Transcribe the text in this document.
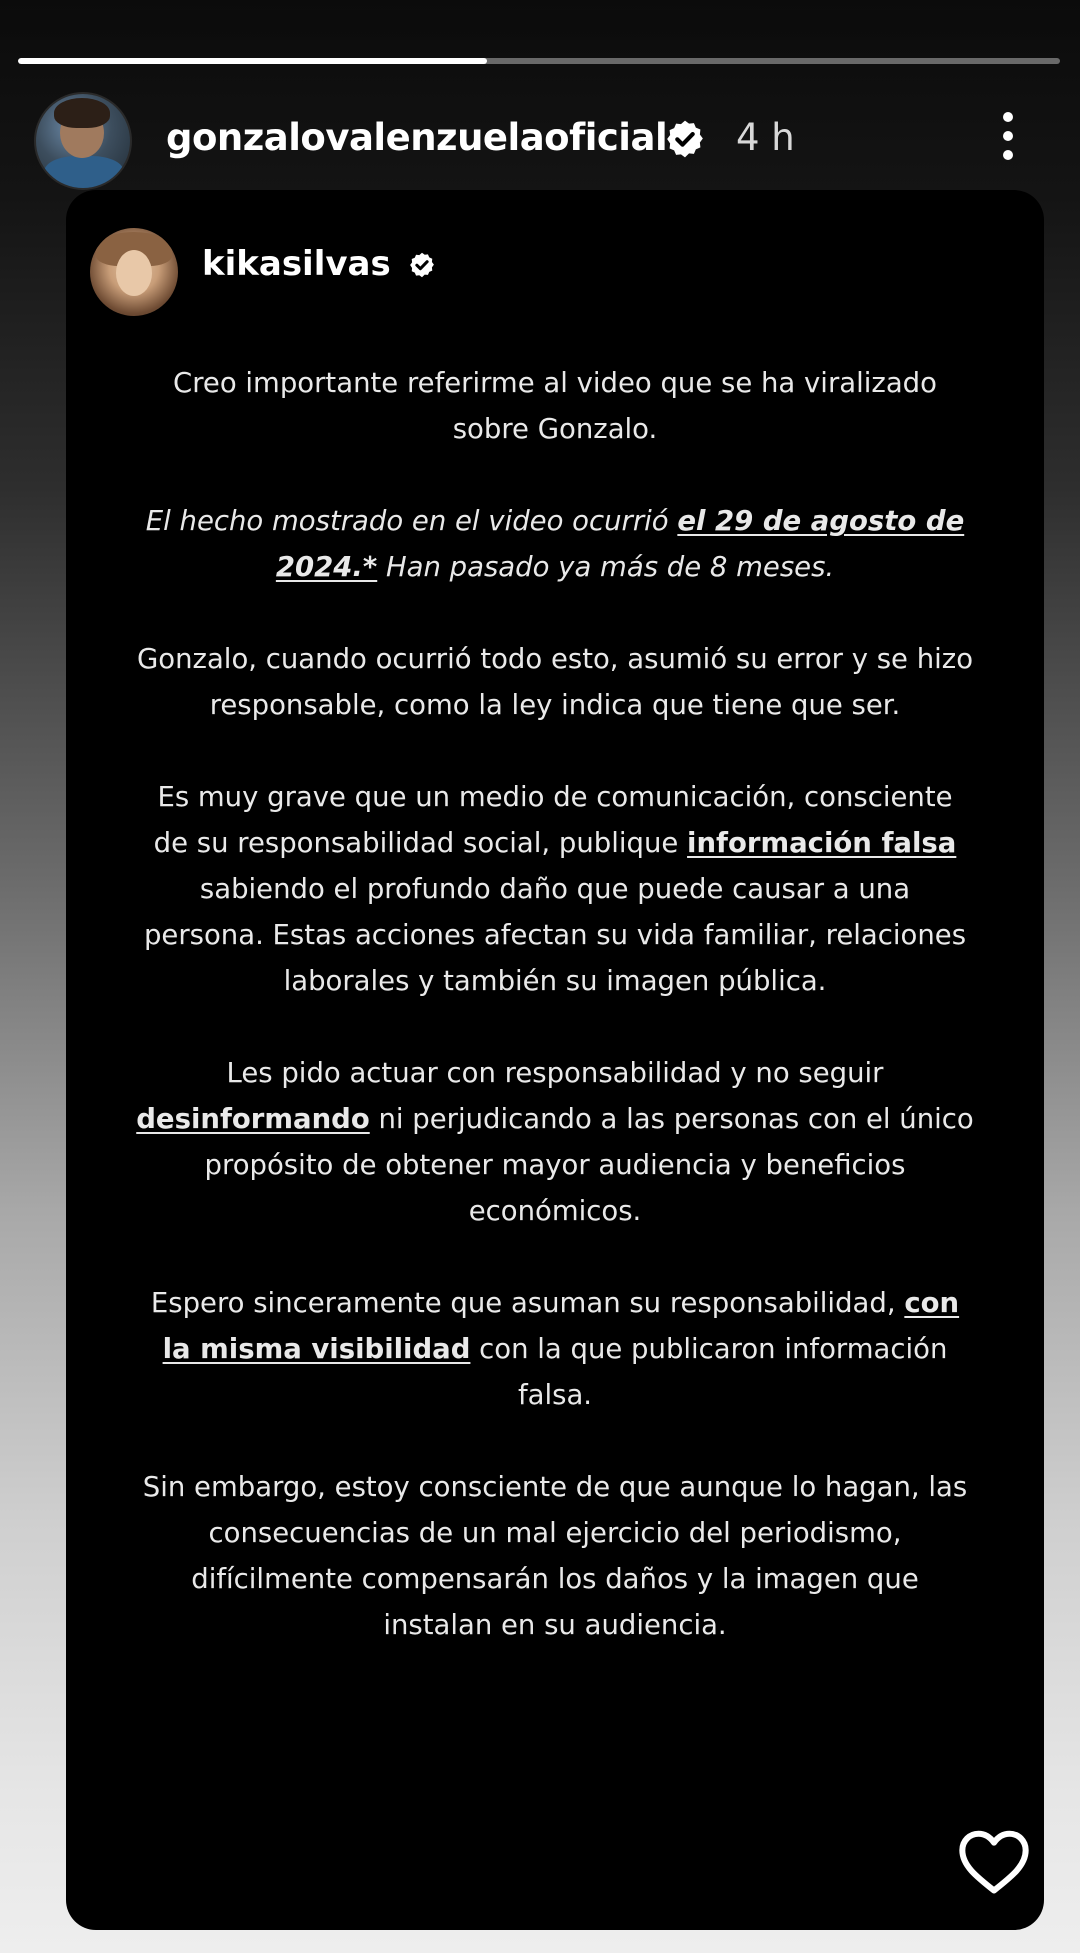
gonzalovalenzuelaoficial 4 h
kikasilvas

Creo importante referirme al video que se ha viralizado sobre Gonzalo.

El hecho mostrado en el video ocurrió el 29 de agosto de 2024.* Han pasado ya más de 8 meses.

Gonzalo, cuando ocurrió todo esto, asumió su error y se hizo responsable, como la ley indica que tiene que ser.

Es muy grave que un medio de comunicación, consciente de su responsabilidad social, publique información falsa sabiendo el profundo daño que puede causar a una persona. Estas acciones afectan su vida familiar, relaciones laborales y también su imagen pública.

Les pido actuar con responsabilidad y no seguir desinformando ni perjudicando a las personas con el único propósito de obtener mayor audiencia y beneficios económicos.

Espero sinceramente que asuman su responsabilidad, con la misma visibilidad con la que publicaron información falsa.

Sin embargo, estoy consciente de que aunque lo hagan, las consecuencias de un mal ejercicio del periodismo, difícilmente compensarán los daños y la imagen que instalan en su audiencia.
